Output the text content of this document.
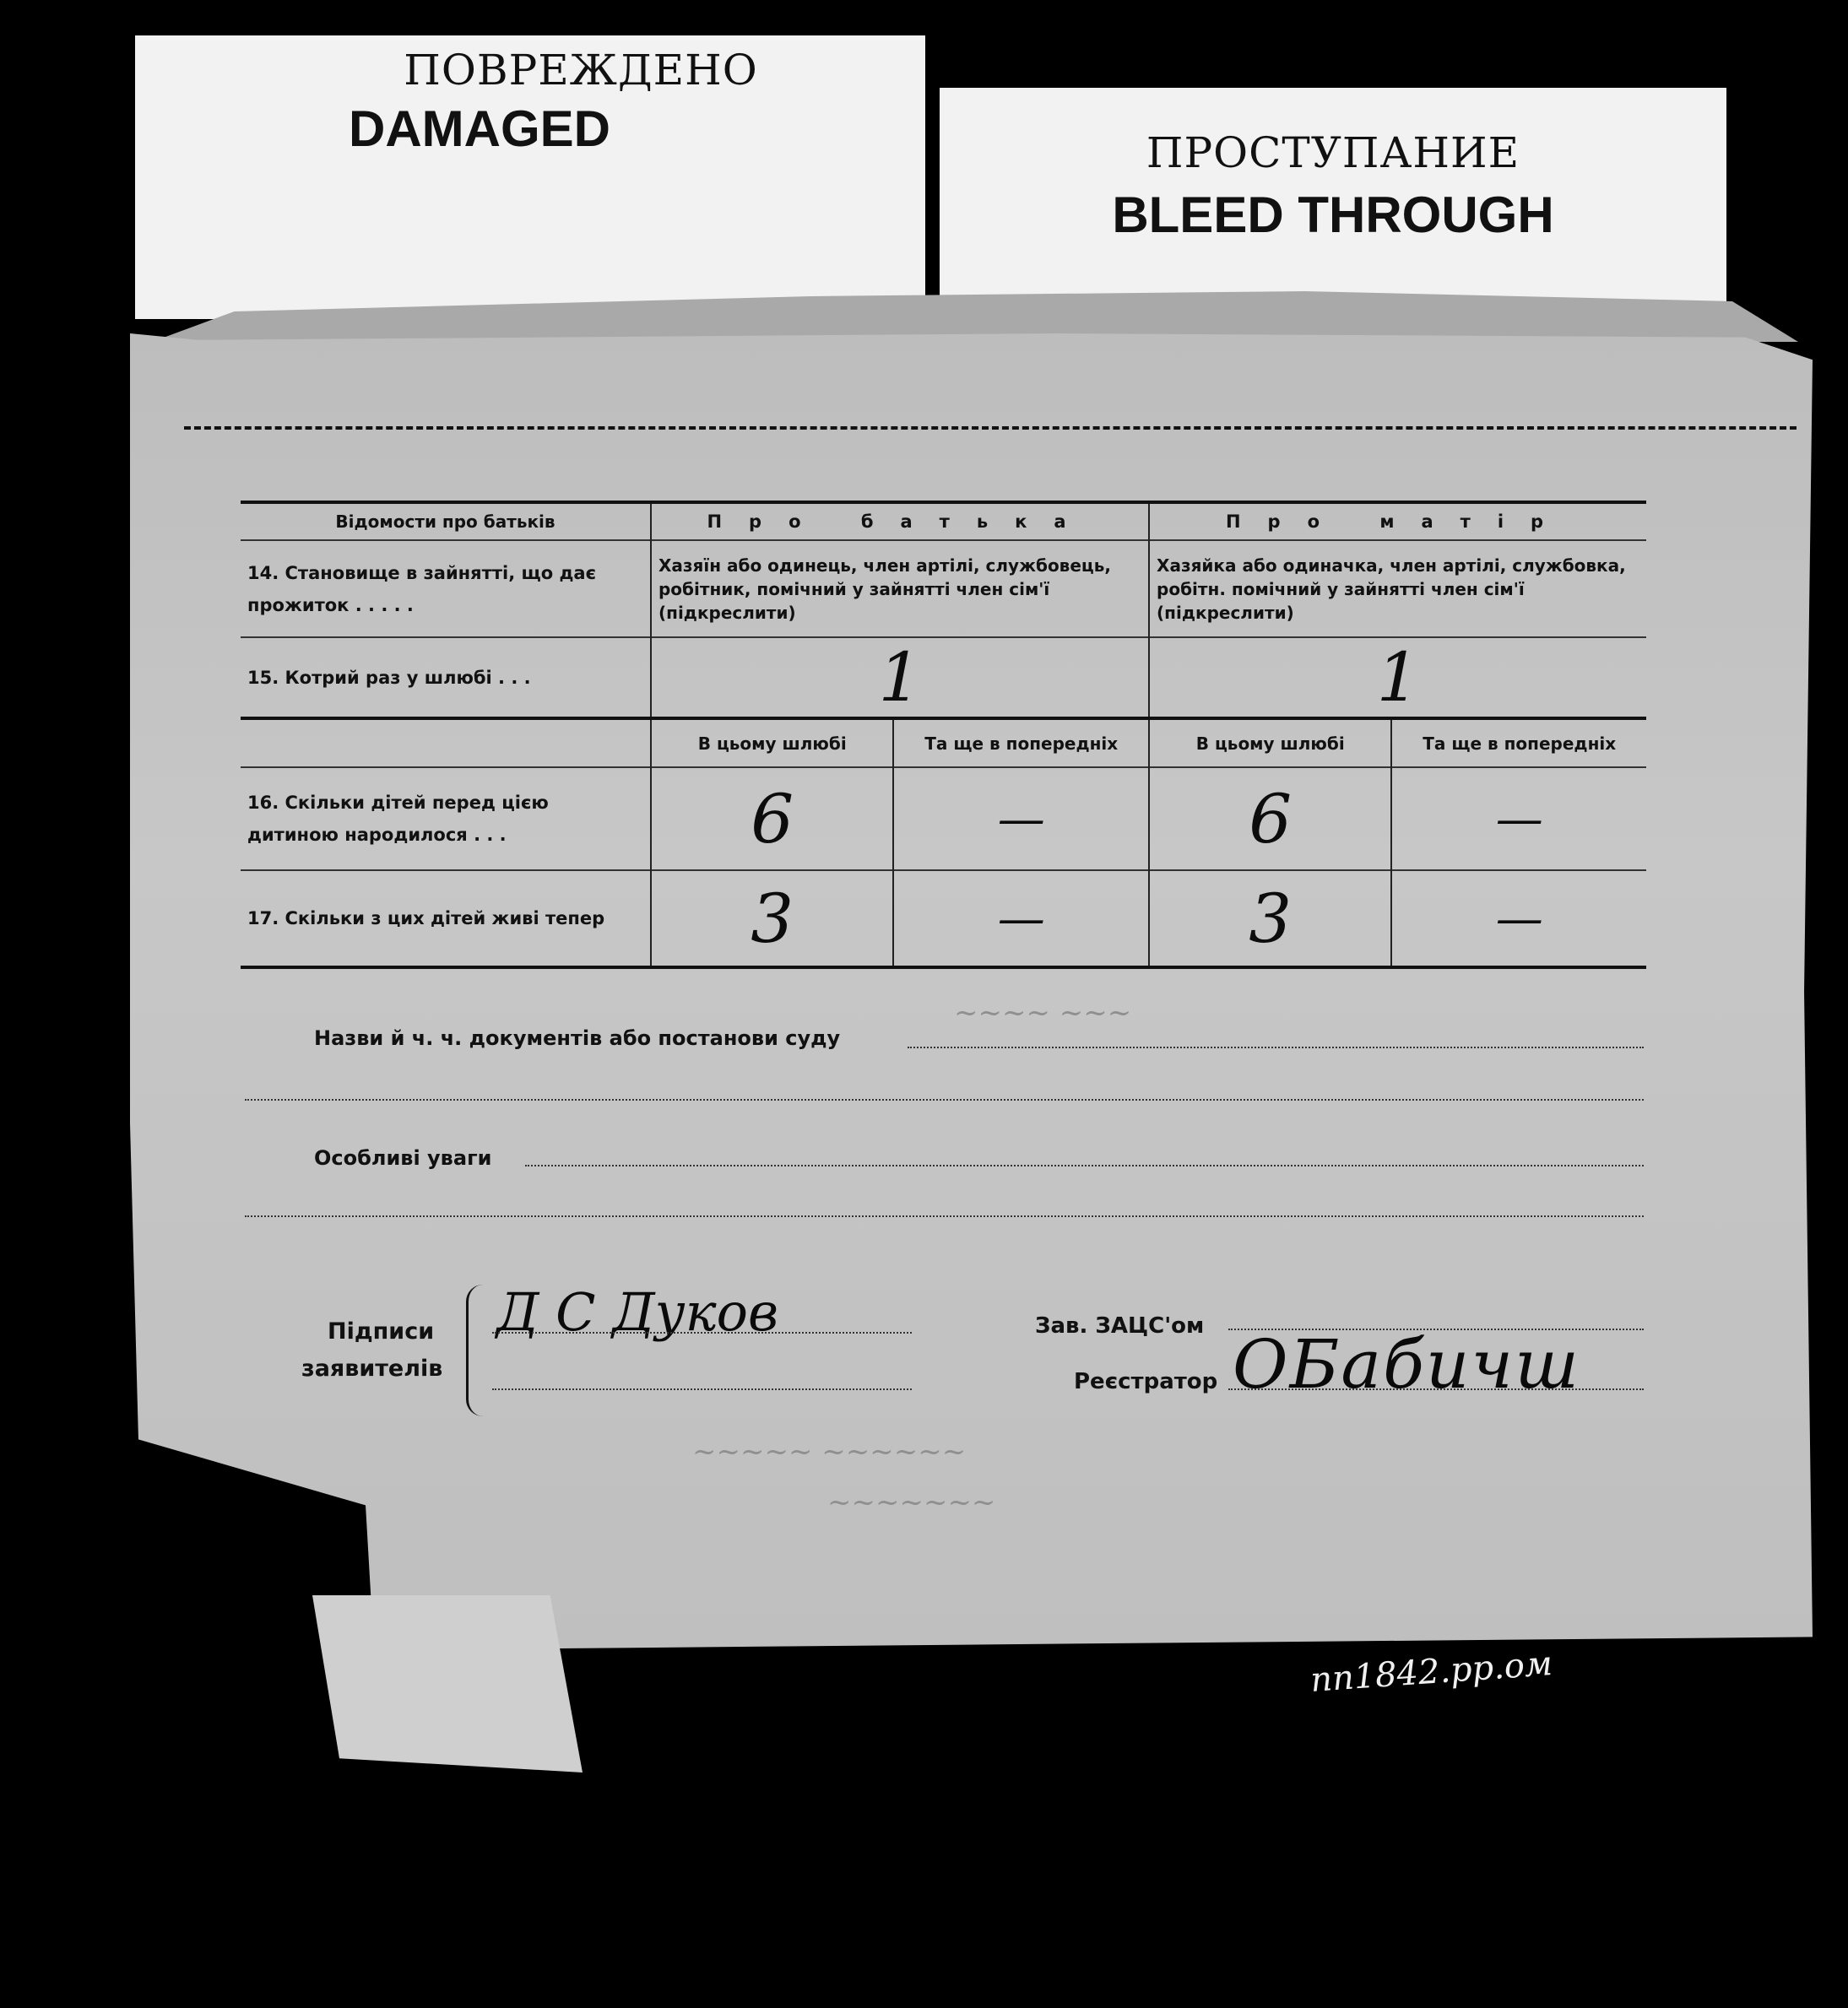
ПОВРЕЖДЕНО
DAMAGED	ПРОСТУПАНИЕ
BLEED THROUGH
~~~~ ~~~
~~~~~ ~~~~~~
~~~~~~~
Відомости про батьків	Про батька		Про матір	
14. Становище в зайнятті, що дає прожиток . . . . .	Хазяїн або одинець, член артілі, службовець, робітник, помічний у зайнятті член сім'ї (підкреслити)		Хазяйка або одиначка, член артілі, службовка, робітн. помічний у зайнятті член сім'ї (підкреслити)	
15. Котрий раз у шлюбі . . .	1		1	
	В цьому шлюбі	Та ще в попередніх	В цьому шлюбі	Та ще в попередніх
16. Скільки дітей перед цією дитиною народилося . . .	6	—	6	—
17. Скільки з цих дітей живі тепер	3	—	3	—
Назви й ч. ч. документів або постанови суду
Особливі уваги
Підписи
заявителів
Д С Дуков	Зав. ЗАЦС'ом
Реєстратор ОБабичш
пп1842.рр.ом
